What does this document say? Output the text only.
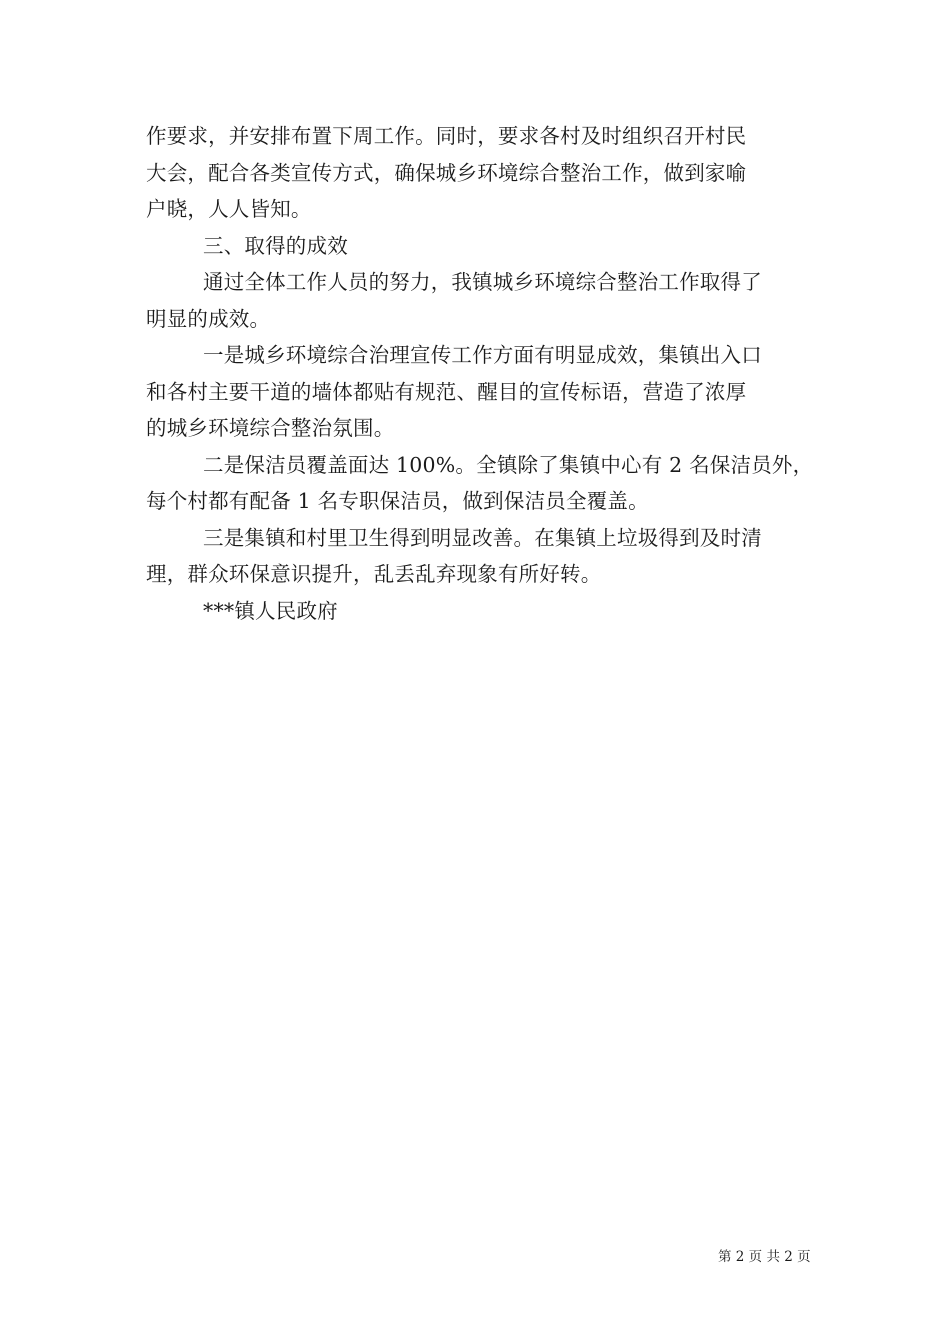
作要求，并安排布置下周工作。同时，要求各村及时组织召开村民
大会，配合各类宣传方式，确保城乡环境综合整治工作，做到家喻
户晓，人人皆知。
三、取得的成效
通过全体工作人员的努力，我镇城乡环境综合整治工作取得了
明显的成效。
一是城乡环境综合治理宣传工作方面有明显成效，集镇出入口
和各村主要干道的墙体都贴有规范、醒目的宣传标语，营造了浓厚
的城乡环境综合整治氛围。
二是保洁员覆盖面达 100%。全镇除了集镇中心有 2 名保洁员外，
每个村都有配备 1 名专职保洁员，做到保洁员全覆盖。
三是集镇和村里卫生得到明显改善。在集镇上垃圾得到及时清
理，群众环保意识提升，乱丢乱弃现象有所好转。
***镇人民政府
第 2 页 共 2 页
